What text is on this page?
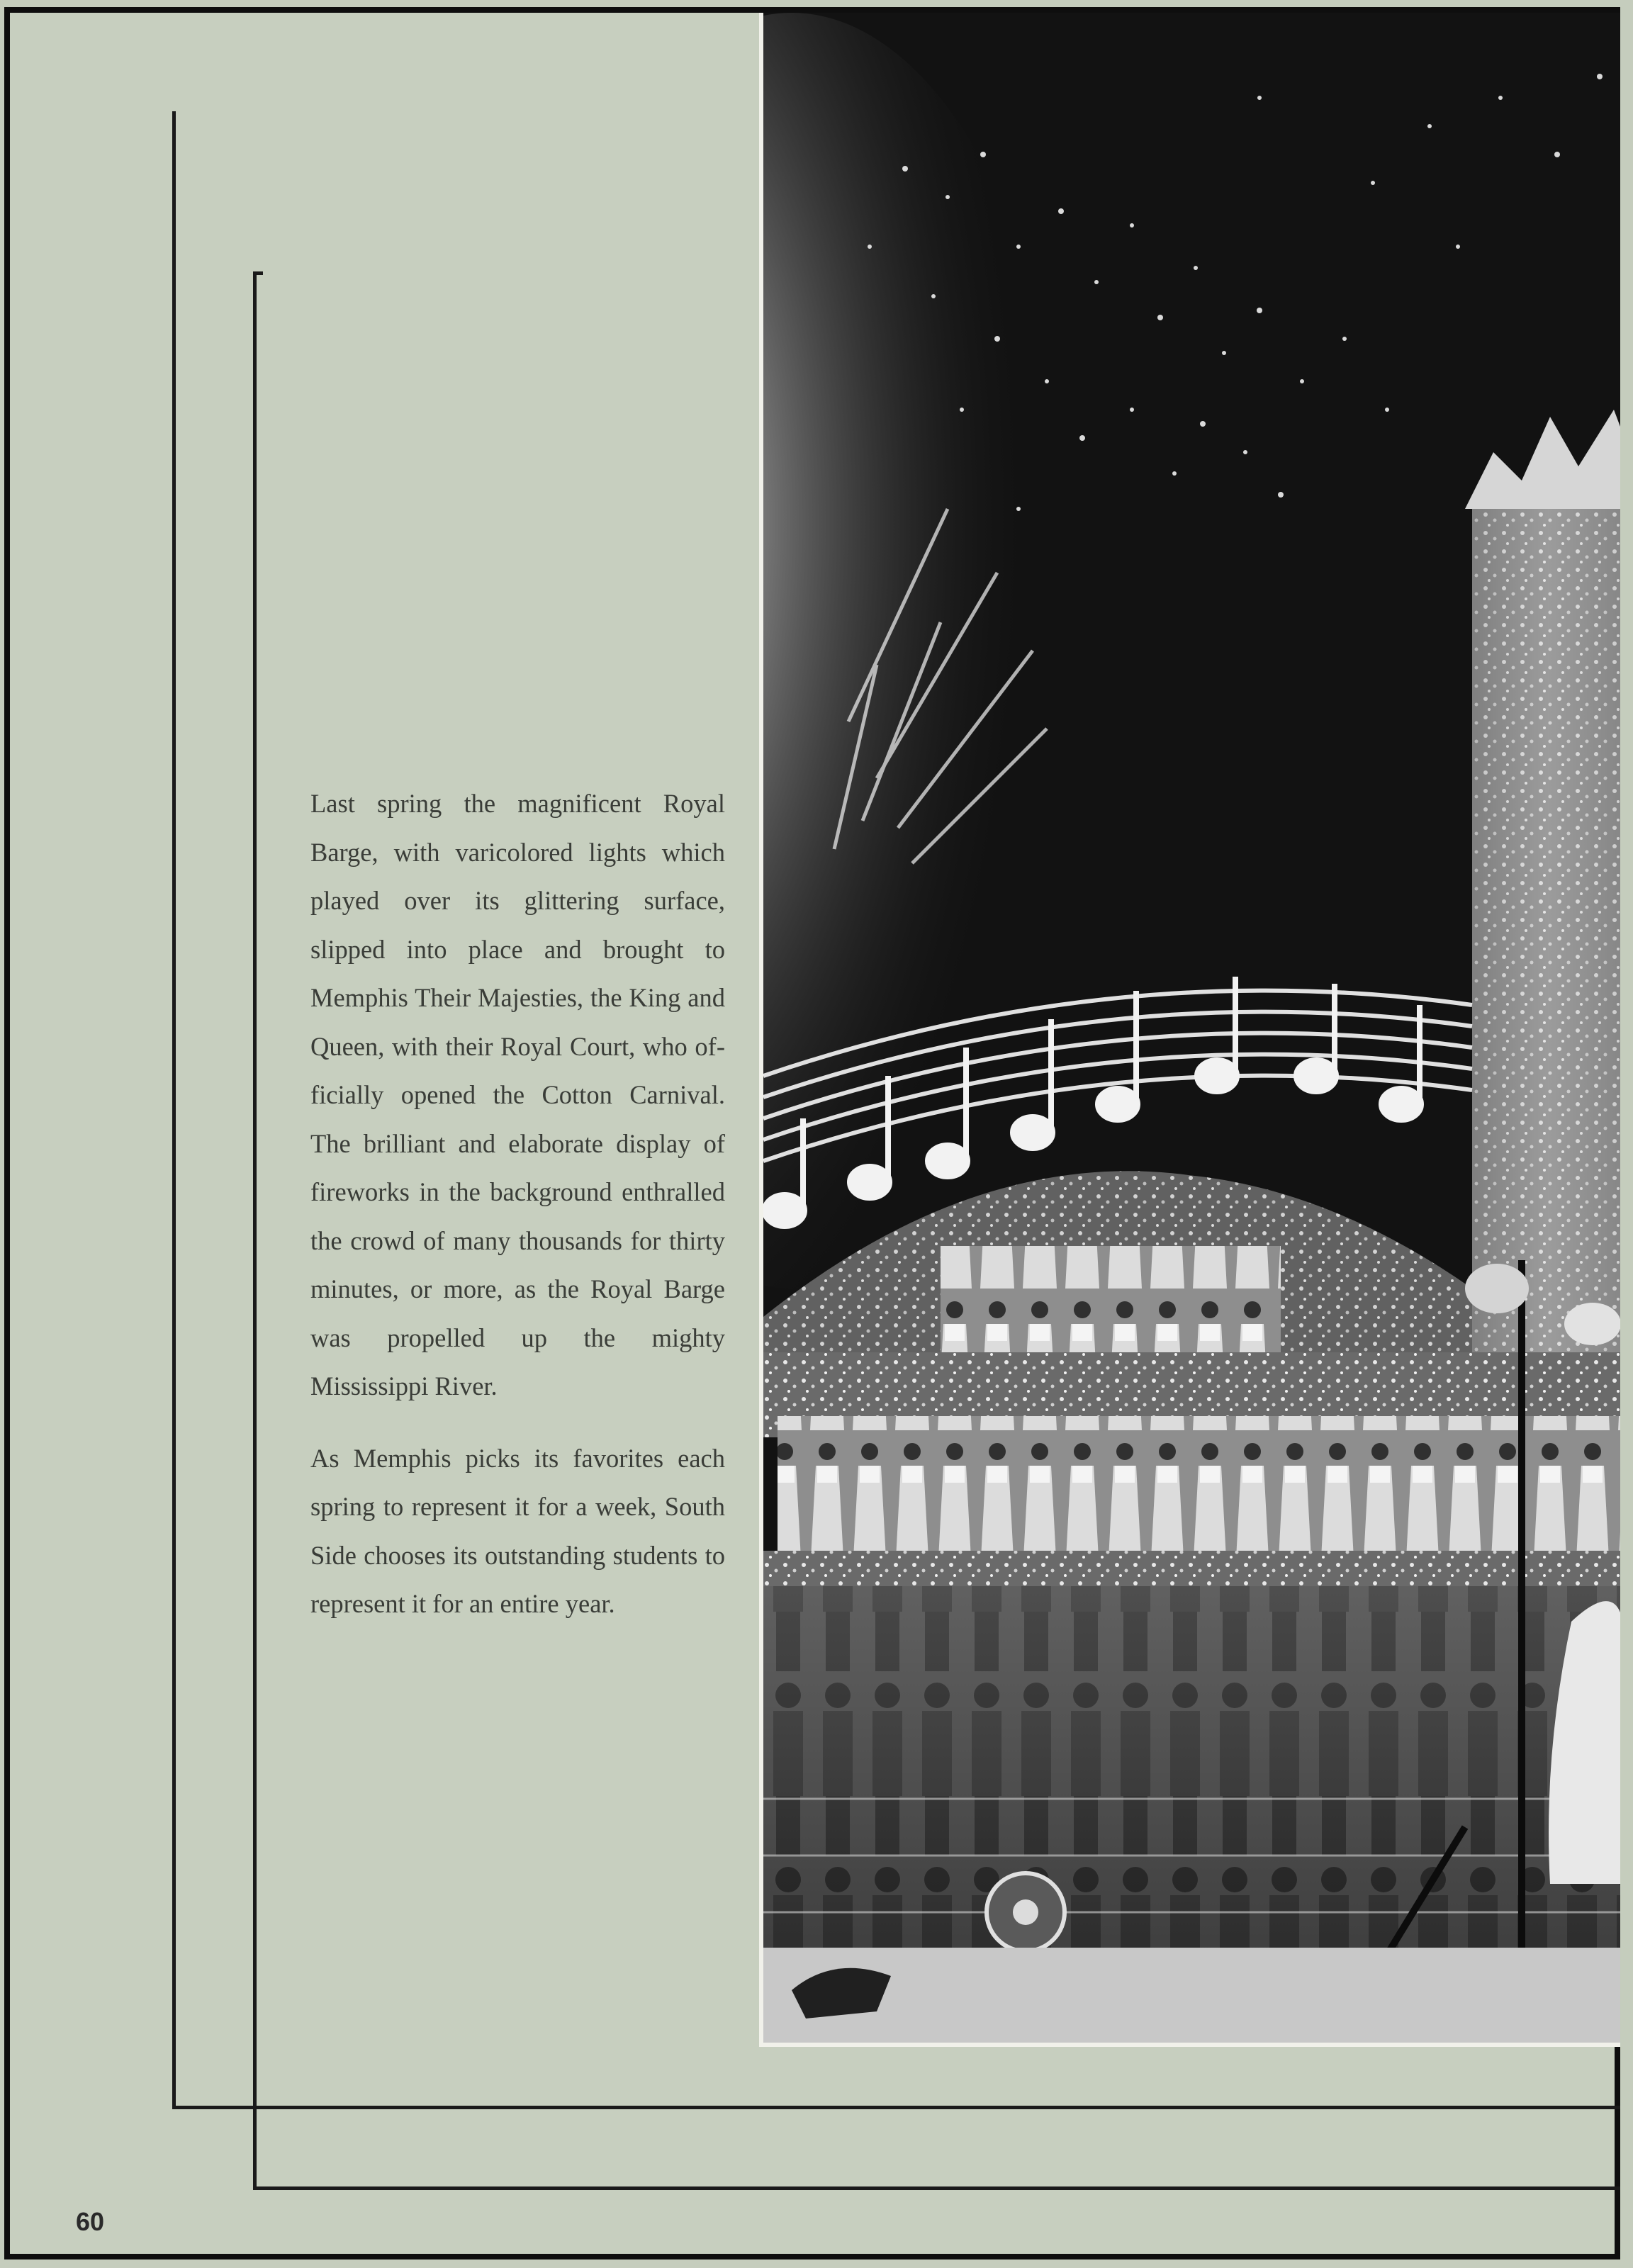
Last spring the magnificent Royal Barge, with varicolored lights which played over its glittering surface, slipped into place and brought to Memphis Their Majesties, the King and Queen, with their Royal Court, who officially opened the Cotton Carnival. The brilliant and elaborate display of fireworks in the background enthralled the crowd of many thousands for thirty minutes, or more, as the Royal Barge was propelled up the mighty Mississippi River.

As Memphis picks its favorites each spring to represent it for a week, South Side chooses its outstanding students to represent it for an entire year.

60
